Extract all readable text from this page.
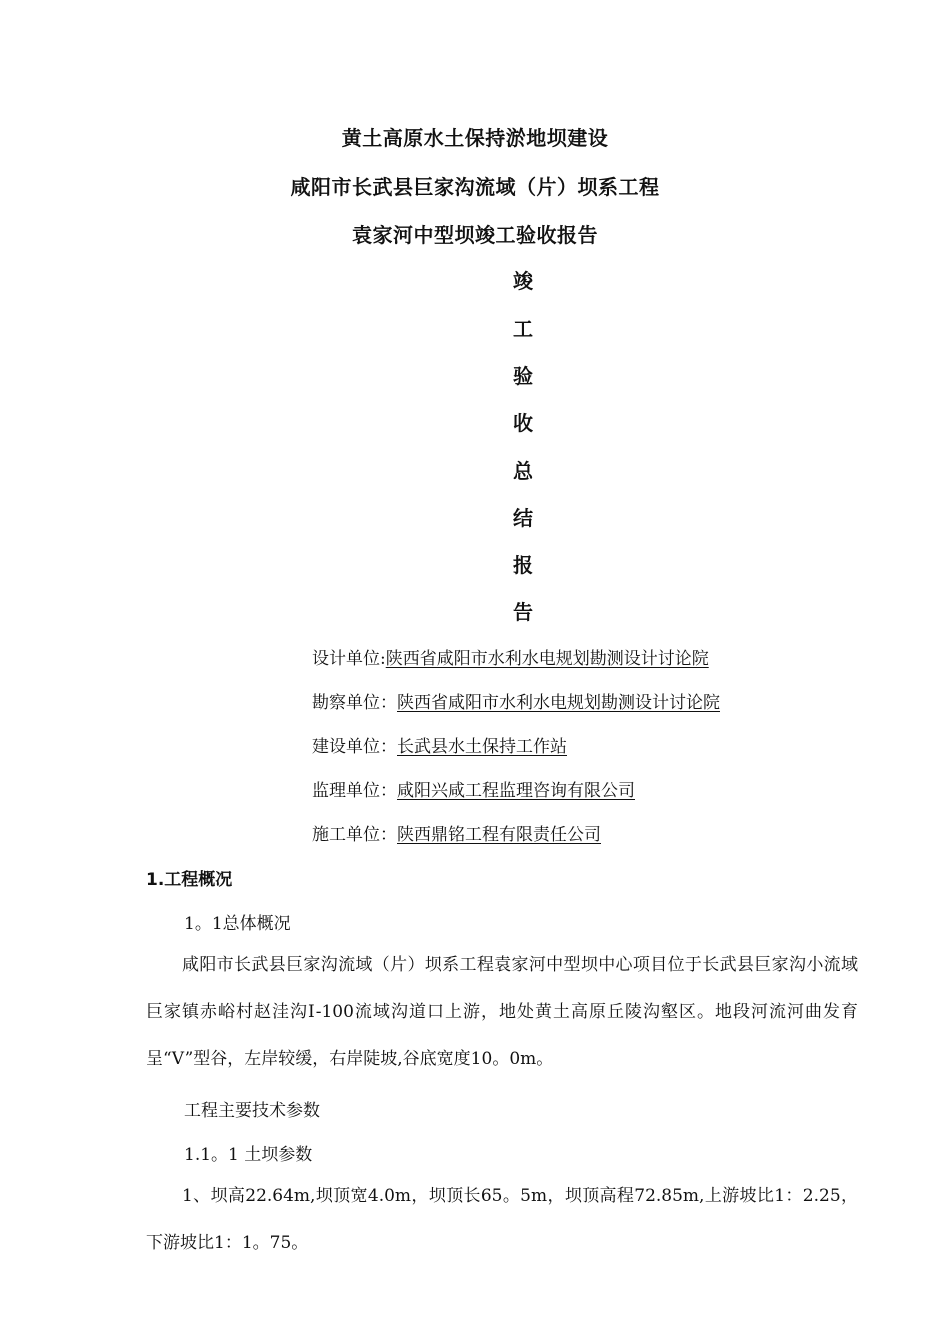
黄土高原水土保持淤地坝建设
咸阳市长武县巨家沟流域（片）坝系工程
袁家河中型坝竣工验收报告
竣
工
验
收
总
结
报
告
设计单位:陕西省咸阳市水利水电规划勘测设计讨论院
勘察单位：陕西省咸阳市水利水电规划勘测设计讨论院
建设单位：长武县水土保持工作站
监理单位：咸阳兴咸工程监理咨询有限公司
施工单位：陕西鼎铭工程有限责任公司
1.工程概况
1。1总体概况
咸阳市长武县巨家沟流域（片）坝系工程袁家河中型坝中心项目位于长武县巨家沟小流域巨家镇赤峪村赵洼沟Ⅰ-100流域沟道口上游，地处黄土高原丘陵沟壑区。地段河流河曲发育呈“V”型谷，左岸较缓，右岸陡坡,谷底宽度10。0m。
工程主要技术参数
1.1。1 土坝参数
1、坝高22.64m,坝顶宽4.0m，坝顶长65。5m，坝顶高程72.85m,上游坡比1：2.25，下游坡比1：1。75。
